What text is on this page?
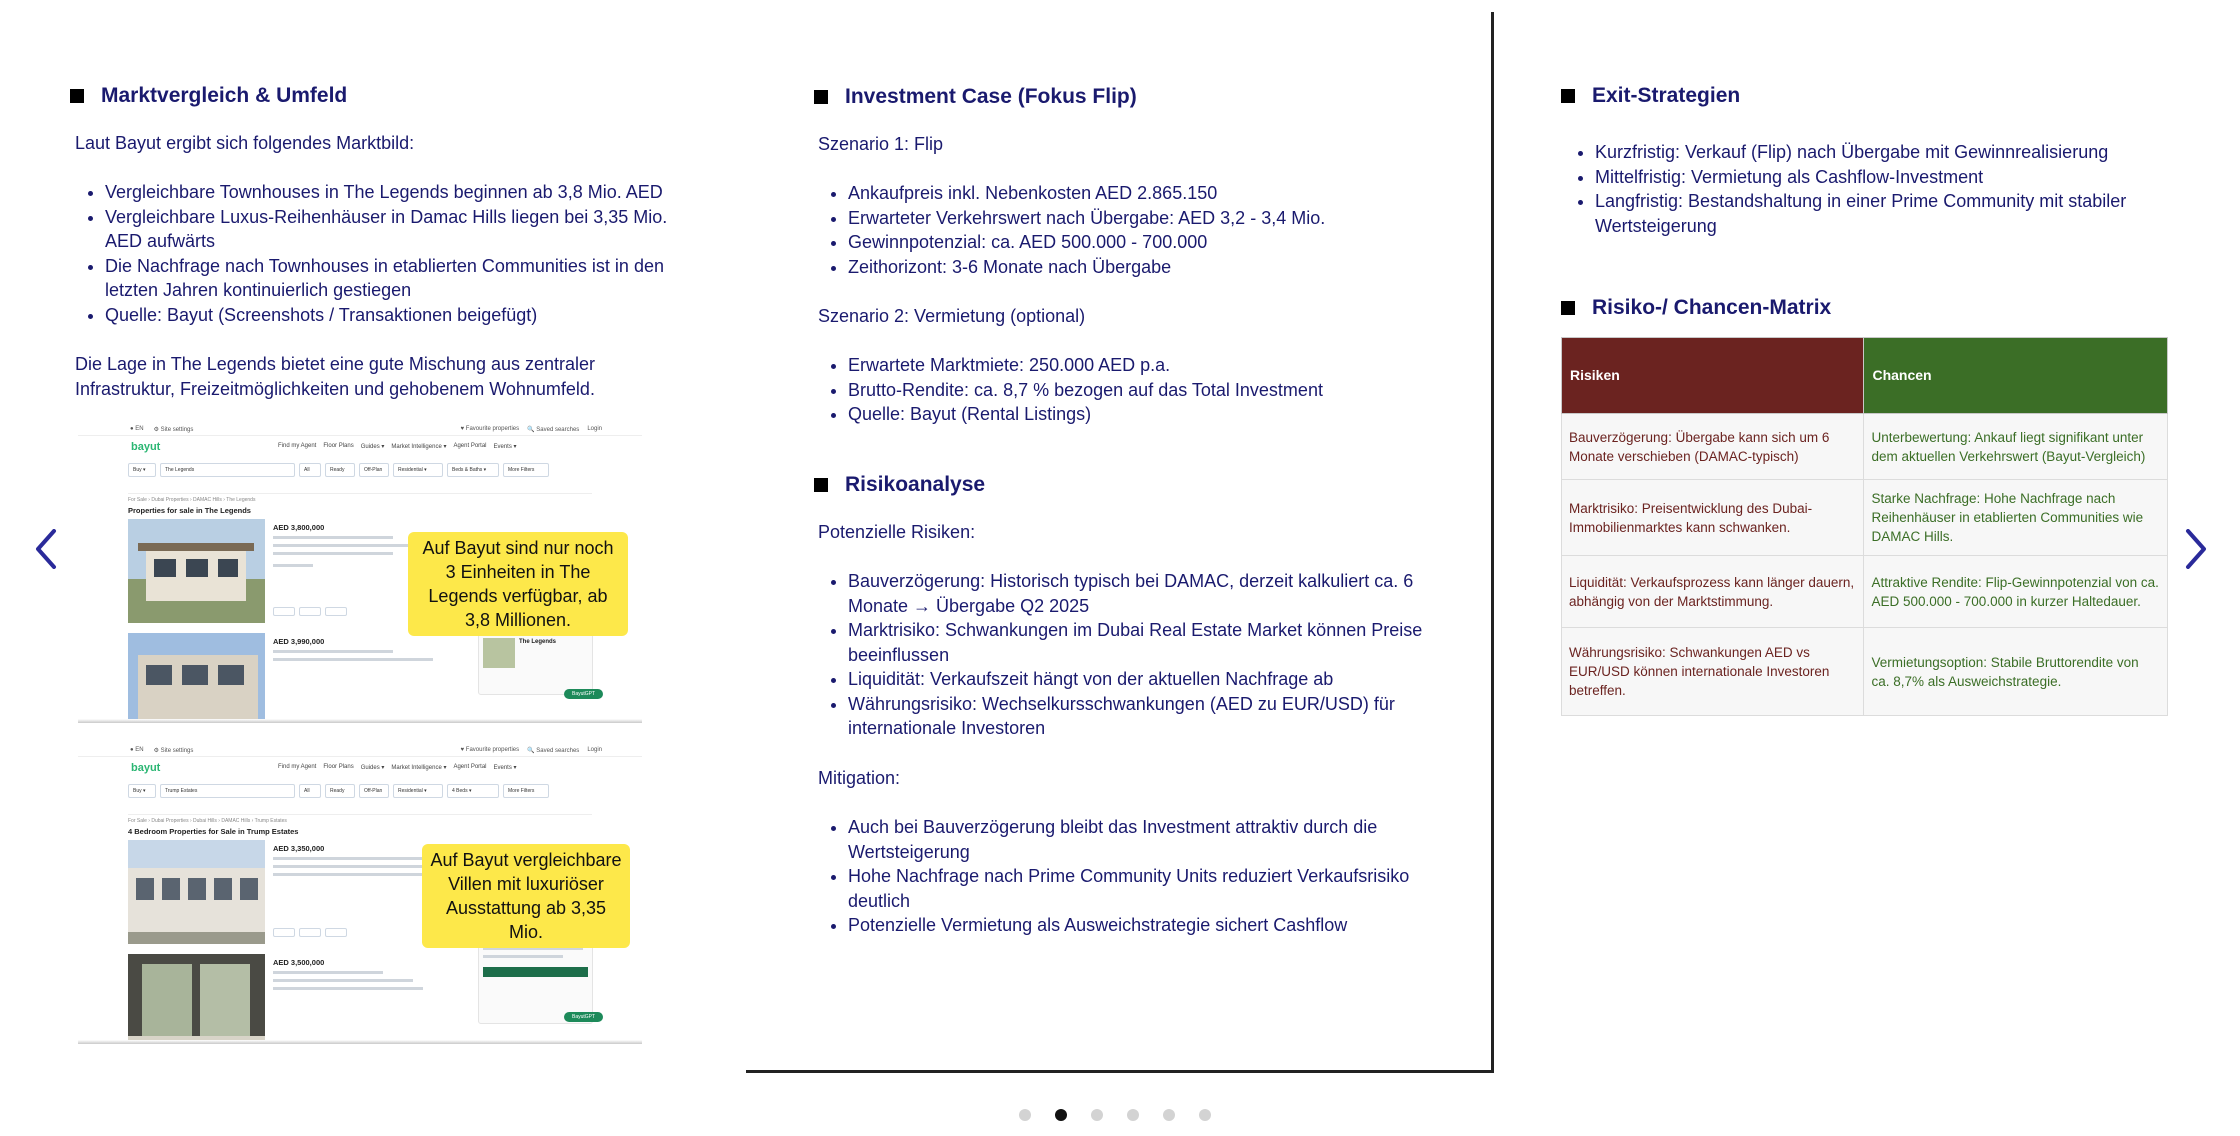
Marktvergleich & Umfeld
Laut Bayut ergibt sich folgendes Marktbild:
• Vergleichbare Townhouses in The Legends beginnen ab 3,8 Mio. AED
• Vergleichbare Luxus-Reihenhäuser in Damac Hills liegen bei 3,35 Mio. AED aufwärts
• Die Nachfrage nach Townhouses in etablierten Communities ist in den letzten Jahren kontinuierlich gestiegen
• Quelle: Bayut (Screenshots / Transaktionen beigefügt)
Die Lage in The Legends bietet eine gute Mischung aus zentraler Infrastruktur, Freizeitmöglichkeiten und gehobenem Wohnumfeld.
● EN ⚙ Site settings	♥ Favourite properties 🔍 Saved searches Login
bayut	Find my Agent Floor Plans Guides ▾ Market Intelligence ▾ Agent Portal Events ▾
Buy ▾	The Legends	All	Ready	Off-Plan	Residential ▾	Beds & Baths ▾	More Filters
For Sale › Dubai Properties › DAMAC Hills › The Legends
Properties for sale in The Legends
AED 3,800,000
AED 3,990,000	The Legends
BayutGPT
Auf Bayut sind nur noch 3 Einheiten in The Legends verfügbar, ab 3,8 Millionen.
● EN ⚙ Site settings	♥ Favourite properties 🔍 Saved searches Login
bayut	Find my Agent Floor Plans Guides ▾ Market Intelligence ▾ Agent Portal Events ▾
Buy ▾	Trump Estates	All	Ready	Off-Plan	Residential ▾	4 Beds ▾	More Filters
For Sale › Dubai Properties › Dubai Hills › DAMAC Hills › Trump Estates
4 Bedroom Properties for Sale in Trump Estates
AED 3,350,000
AED 3,500,000
BayutGPT
Auf Bayut vergleichbare Villen mit luxuriöser Ausstattung ab 3,35 Mio.
Investment Case (Fokus Flip)
Szenario 1: Flip
• Ankaufpreis inkl. Nebenkosten AED 2.865.150
• Erwarteter Verkehrswert nach Übergabe: AED 3,2 - 3,4 Mio.
• Gewinnpotenzial: ca. AED 500.000 - 700.000
• Zeithorizont: 3-6 Monate nach Übergabe
Szenario 2: Vermietung (optional)
• Erwartete Marktmiete: 250.000 AED p.a.
• Brutto-Rendite: ca. 8,7 % bezogen auf das Total Investment
• Quelle: Bayut (Rental Listings)
Risikoanalyse
Potenzielle Risiken:
• Bauverzögerung: Historisch typisch bei DAMAC, derzeit kalkuliert ca. 6 Monate → Übergabe Q2 2025
• Marktrisiko: Schwankungen im Dubai Real Estate Market können Preise beeinflussen
• Liquidität: Verkaufszeit hängt von der aktuellen Nachfrage ab
• Währungsrisiko: Wechselkursschwankungen (AED zu EUR/USD) für internationale Investoren
Mitigation:
• Auch bei Bauverzögerung bleibt das Investment attraktiv durch die Wertsteigerung
• Hohe Nachfrage nach Prime Community Units reduziert Verkaufsrisiko deutlich
• Potenzielle Vermietung als Ausweichstrategie sichert Cashflow
Exit-Strategien
• Kurzfristig: Verkauf (Flip) nach Übergabe mit Gewinnrealisierung
• Mittelfristig: Vermietung als Cashflow-Investment
• Langfristig: Bestandshaltung in einer Prime Community mit stabiler Wertsteigerung
Risiko-/ Chancen-Matrix
Risiken	Chancen
Bauverzögerung: Übergabe kann sich um 6 Monate verschieben (DAMAC-typisch)	Unterbewertung: Ankauf liegt signifikant unter dem aktuellen Verkehrswert (Bayut-Vergleich)
Marktrisiko: Preisentwicklung des Dubai-Immobilienmarktes kann schwanken.	Starke Nachfrage: Hohe Nachfrage nach Reihenhäuser in etablierten Communities wie DAMAC Hills.
Liquidität: Verkaufsprozess kann länger dauern, abhängig von der Marktstimmung.	Attraktive Rendite: Flip-Gewinnpotenzial von ca. AED 500.000 - 700.000 in kurzer Haltedauer.
Währungsrisiko: Schwankungen AED vs EUR/USD können internationale Investoren betreffen.	Vermietungsoption: Stabile Bruttorendite von ca. 8,7% als Ausweichstrategie.
